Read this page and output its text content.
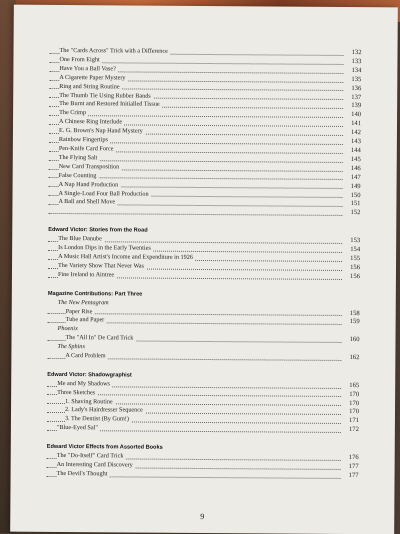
The "Cards Across" Trick with a Difference	132
One From Eight	133
Have You a Ball Vase?	134
A Cigarette Paper Mystery	135
Ring and String Routine	136
The Thumb Tie Using Rubber Bands	137
The Burnt and Restored Initialled Tissue	139
The Crimp	140
A Chinese Ring Interlude	141
E. G. Brown's Nap Hand Mystery	142
Rainbow Fingertips	143
Pen-Knife Card Force	144
The Flying Salt	145
New Card Transposition	146
False Counting	147
A Nap Hand Production	149
A Single-Load Four Ball Production	150
A Ball and Shell Move	151
152
Edward Victor: Stories from the Road
The Blue Danube	153
Is London Dips in the Early Twenties	154
A Music Hall Artist's Income and Expenditure in 1926	155
The Variety Show That Never Was	156
Fine Ireland to Aintree	156
Magazine Contributions: Part Three
The New Pentagram
Paper Rise	158
Tube and Paper	159
Phoenix
The "All In" De Card Trick	160
The Sphinx
A Card Problem	162
Edward Victor: Shadowgraphist
Me and My Shadows	165
Three Sketches	170
1. Shaving Routine	170
2. Lady's Hairdresser Sequence	170
3. The Dentist (By Gum!)	171
"Blue-Eyed Sal"	172
Edward Victor Effects from Assorted Books
The "Do-Itself" Card Trick	176
An Interesting Card Discovery	177
The Devil's Thought	177
9
